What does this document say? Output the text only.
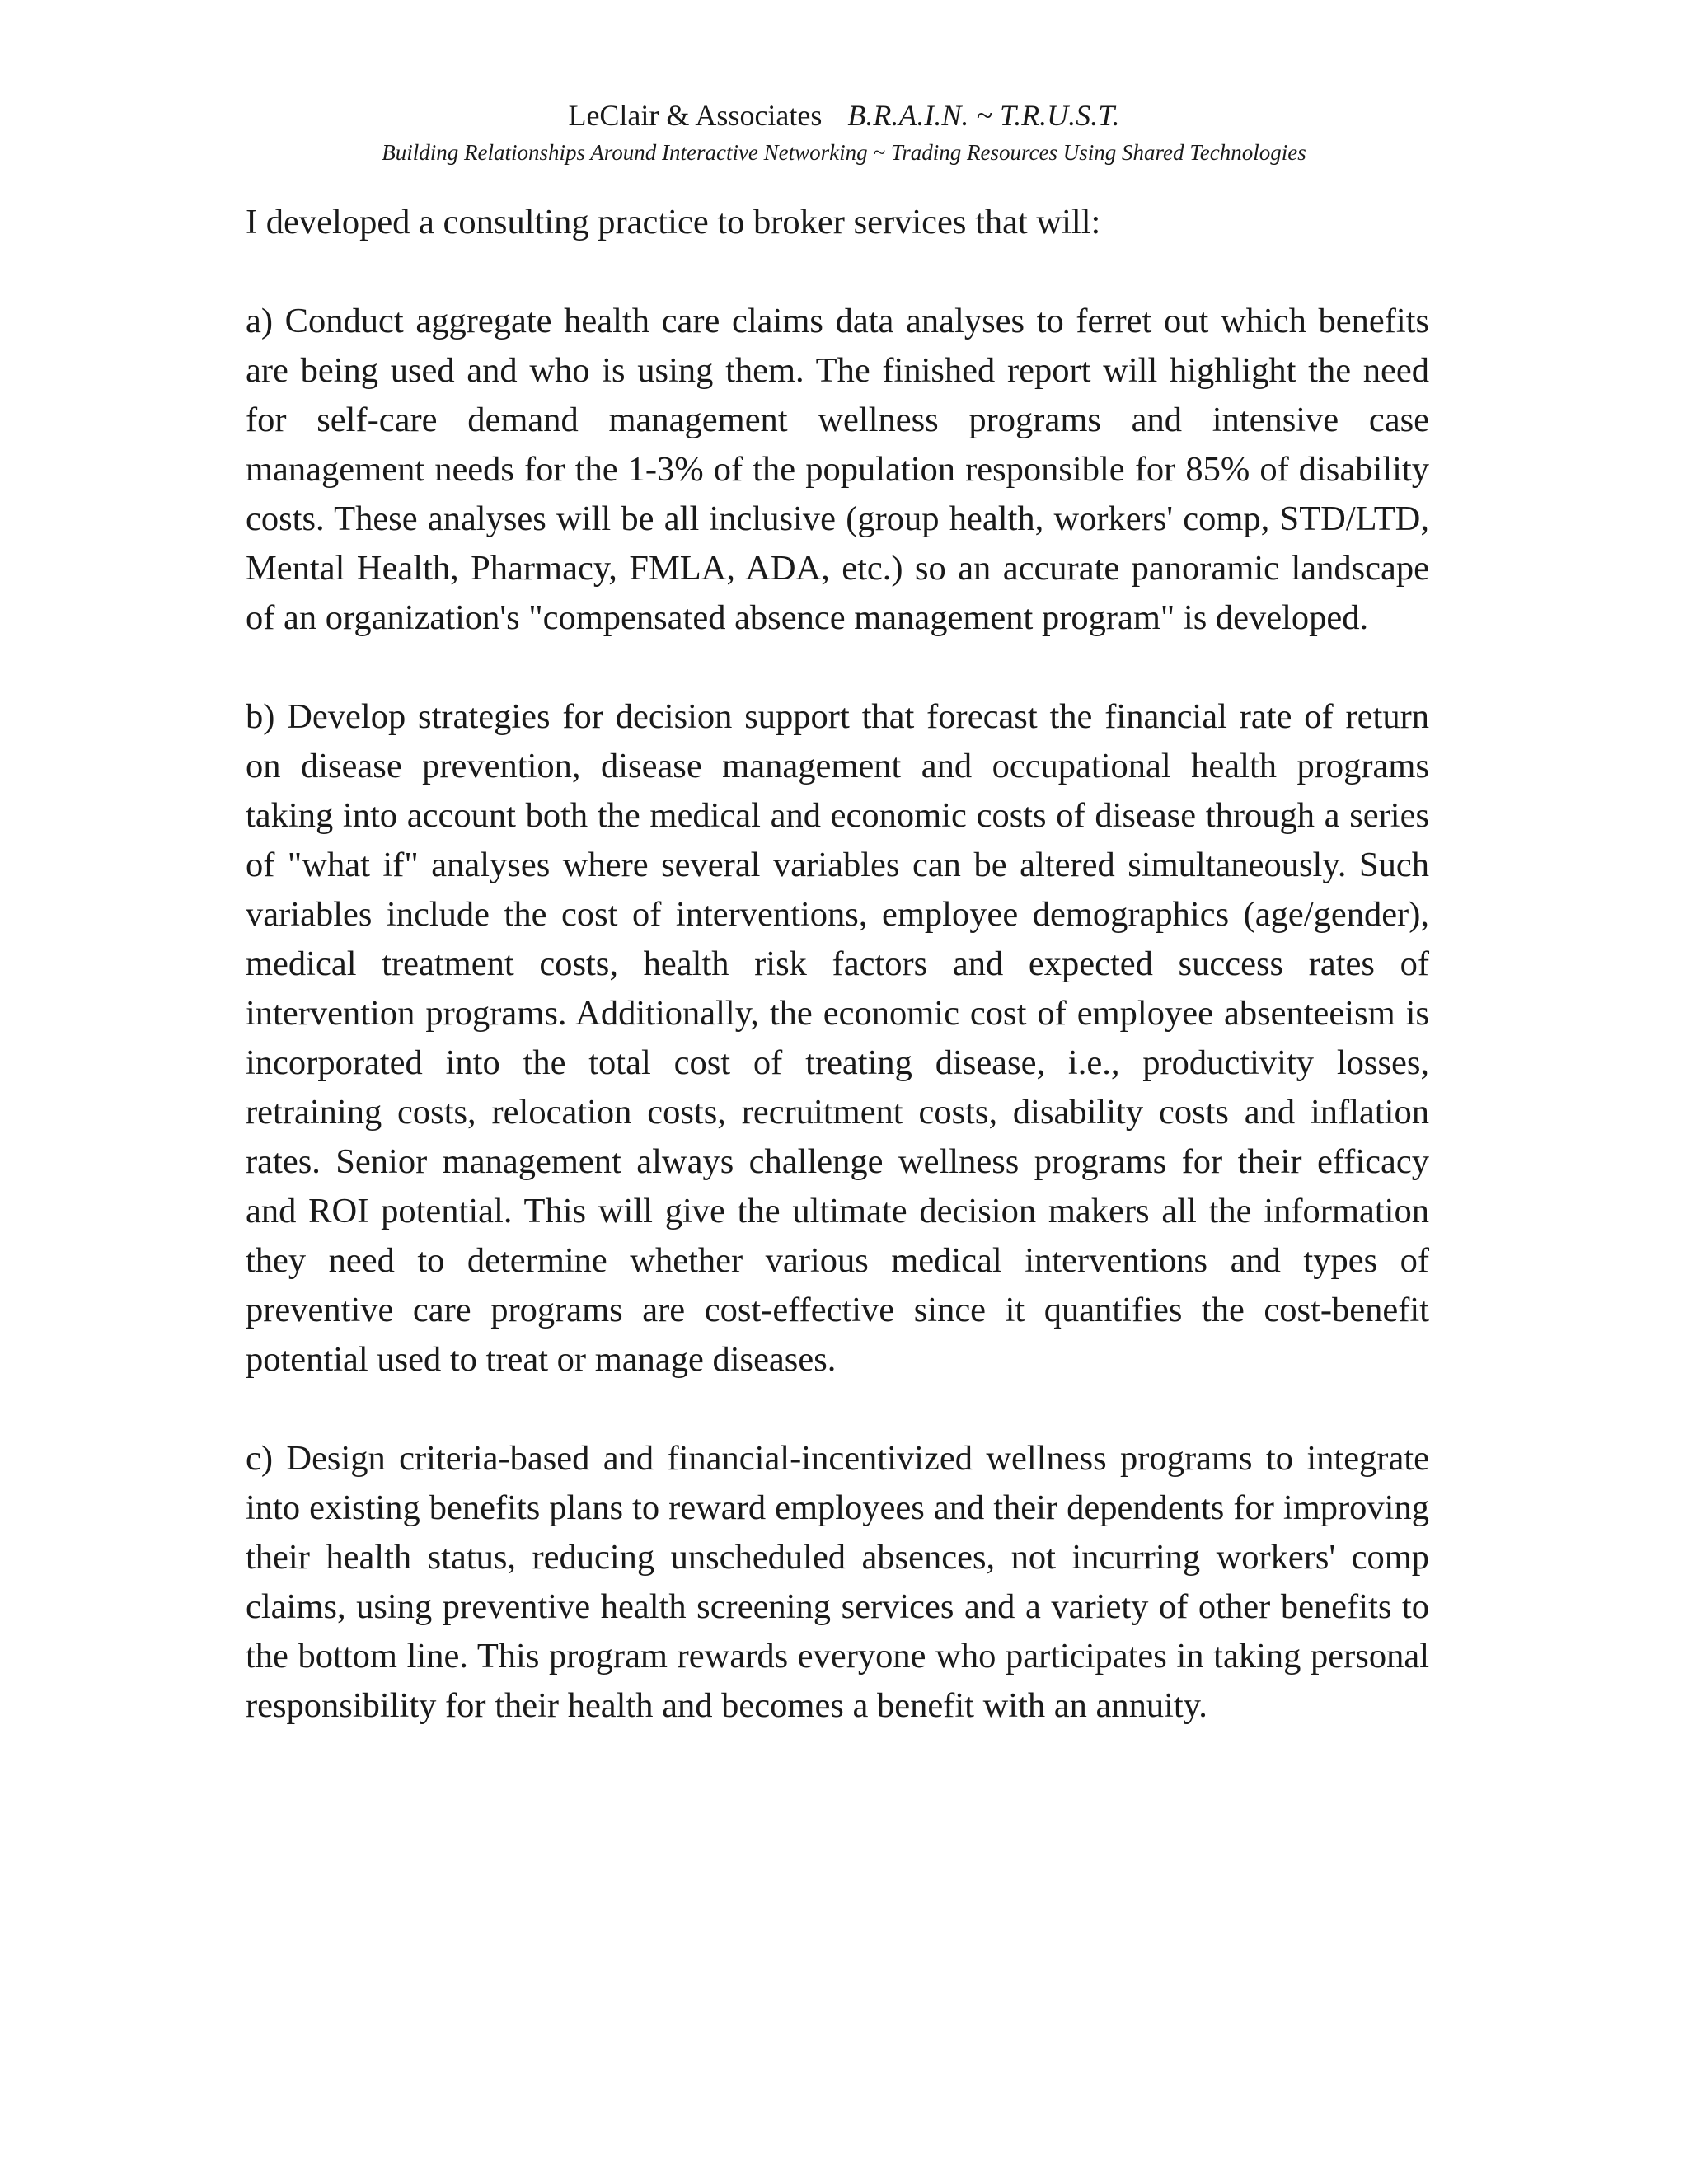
LeClair & Associates B.R.A.I.N. ~ T.R.U.S.T.
Building Relationships Around Interactive Networking ~ Trading Resources Using Shared Technologies

I developed a consulting practice to broker services that will:

a) Conduct aggregate health care claims data analyses to ferret out which benefits are being used and who is using them. The finished report will highlight the need for self-care demand management wellness programs and intensive case management needs for the 1-3% of the population responsible for 85% of disability costs. These analyses will be all inclusive (group health, workers' comp, STD/LTD, Mental Health, Pharmacy, FMLA, ADA, etc.) so an accurate panoramic landscape of an organization's "compensated absence management program" is developed.

b) Develop strategies for decision support that forecast the financial rate of return on disease prevention, disease management and occupational health programs taking into account both the medical and economic costs of disease through a series of "what if" analyses where several variables can be altered simultaneously. Such variables include the cost of interventions, employee demographics (age/gender), medical treatment costs, health risk factors and expected success rates of intervention programs. Additionally, the economic cost of employee absenteeism is incorporated into the total cost of treating disease, i.e., productivity losses, retraining costs, relocation costs, recruitment costs, disability costs and inflation rates. Senior management always challenge wellness programs for their efficacy and ROI potential. This will give the ultimate decision makers all the information they need to determine whether various medical interventions and types of preventive care programs are cost-effective since it quantifies the cost-benefit potential used to treat or manage diseases.

c) Design criteria-based and financial-incentivized wellness programs to integrate into existing benefits plans to reward employees and their dependents for improving their health status, reducing unscheduled absences, not incurring workers' comp claims, using preventive health screening services and a variety of other benefits to the bottom line. This program rewards everyone who participates in taking personal responsibility for their health and becomes a benefit with an annuity.
